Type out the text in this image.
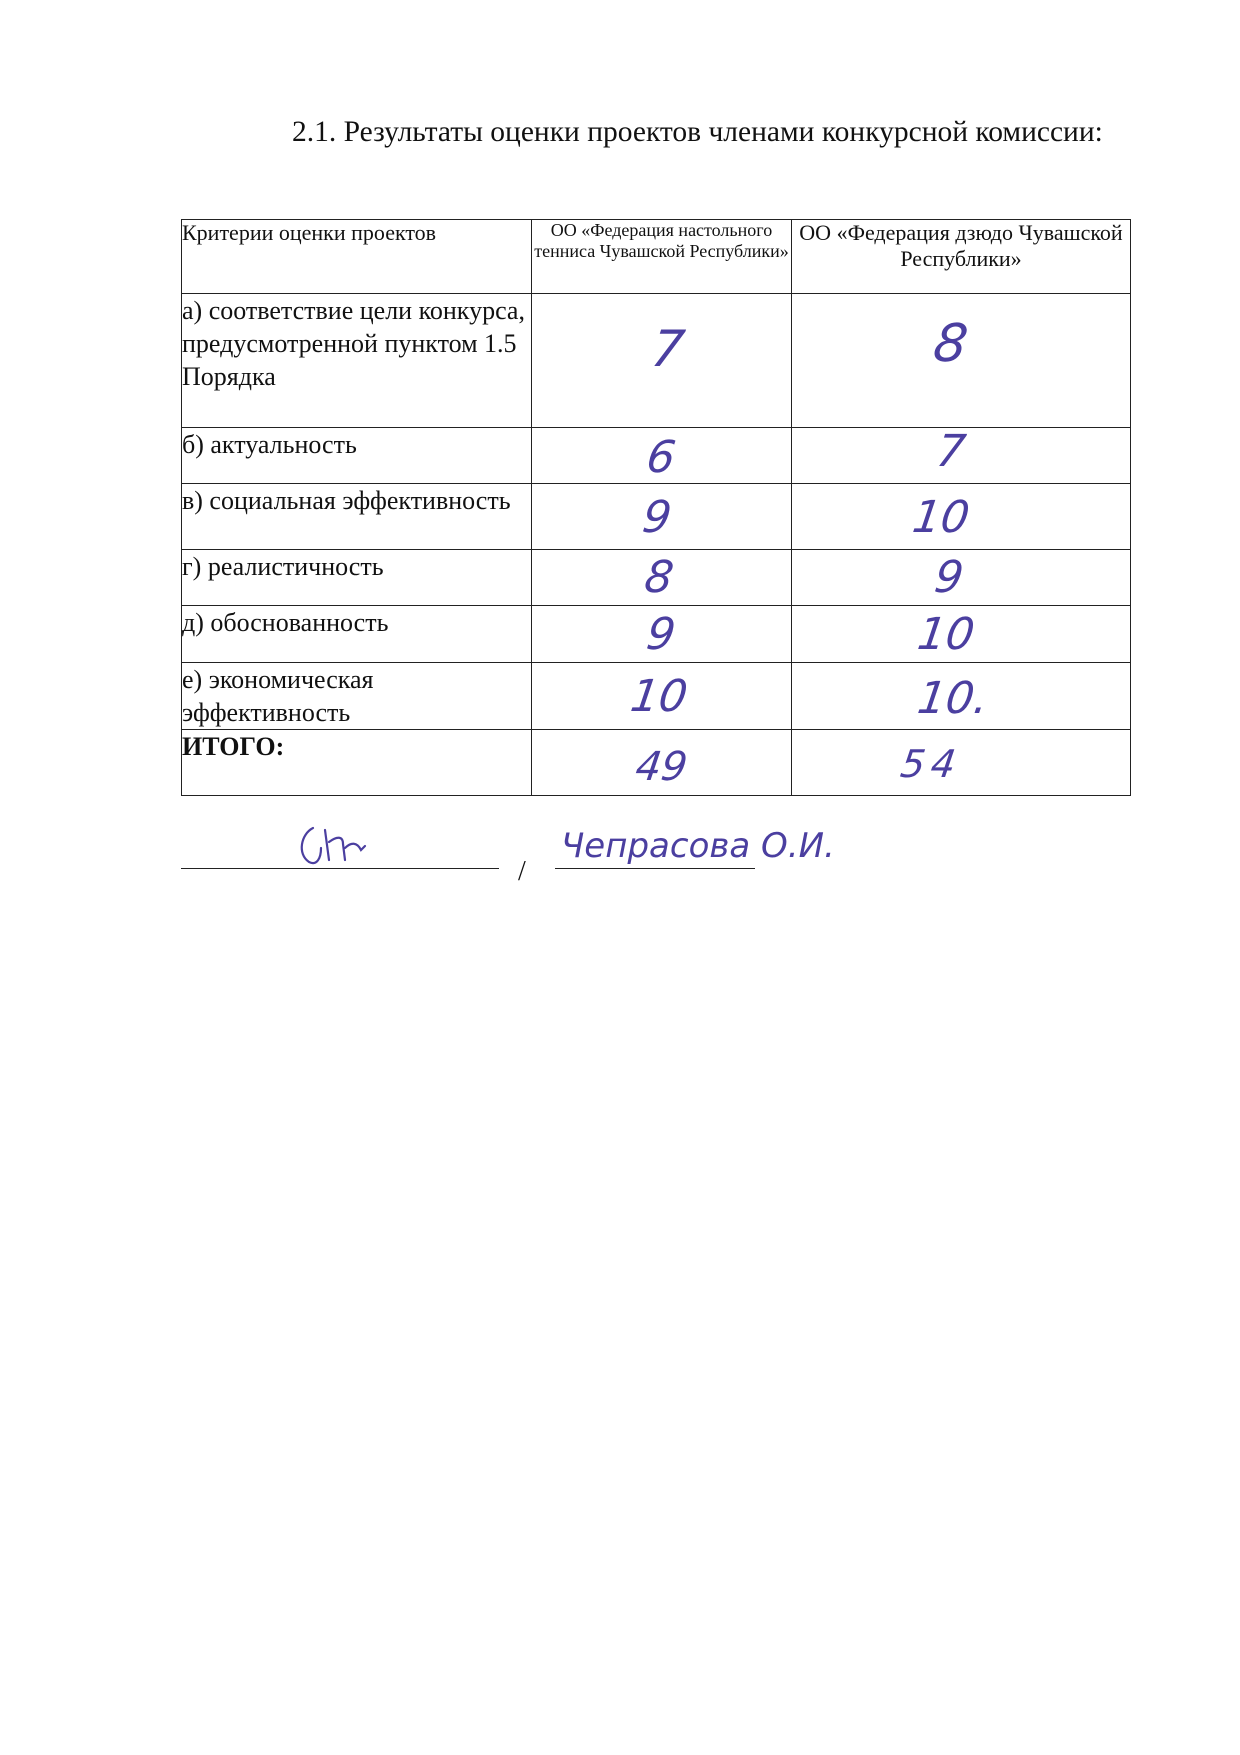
2.1. Результаты оценки проектов членами конкурсной комиссии:
Критерии оценки проектов	ОО «Федерация настольного тенниса Чувашской Республики»	ОО «Федерация дзюдо Чувашской Республики»
а) соответствие цели конкурса, предусмотренной пунктом 1.5 Порядка	7	8
б) актуальность	6	7
в) социальная эффективность	9	10
г) реалистичность	8	9
д) обоснованность	9	10
е) экономическая эффективность	10	10.
ИТОГО:	49	54
/
Чепрасова О.И.
